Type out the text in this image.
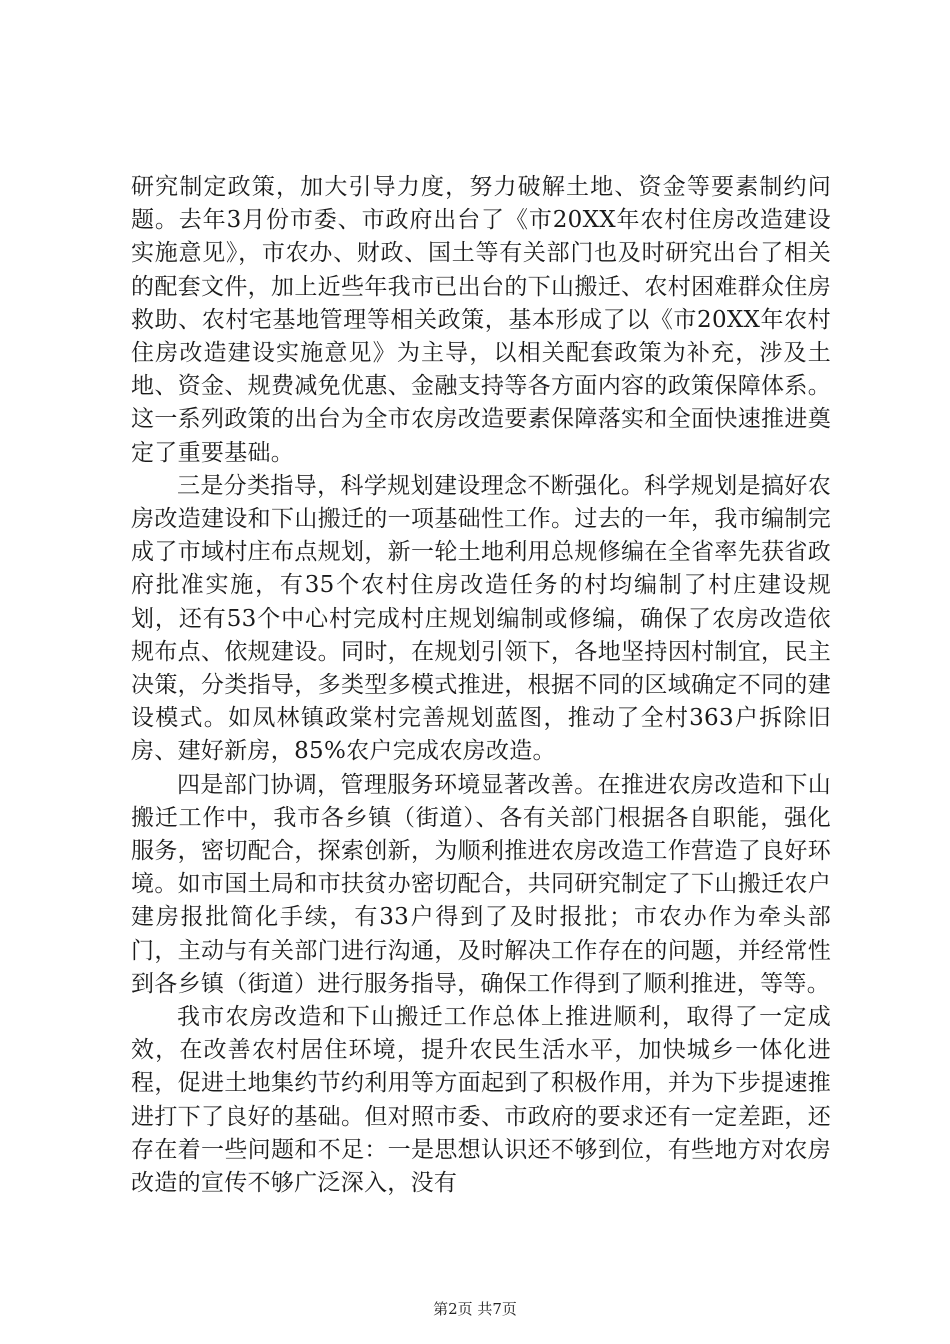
研究制定政策，加大引导力度，努力破解土地、资金等要素制约问题。去年3月份市委、市政府出台了《市20XX年农村住房改造建设实施意见》，市农办、财政、国土等有关部门也及时研究出台了相关的配套文件，加上近些年我市已出台的下山搬迁、农村困难群众住房救助、农村宅基地管理等相关政策，基本形成了以《市20XX年农村住房改造建设实施意见》为主导，以相关配套政策为补充，涉及土地、资金、规费减免优惠、金融支持等各方面内容的政策保障体系。这一系列政策的出台为全市农房改造要素保障落实和全面快速推进奠定了重要基础。

三是分类指导，科学规划建设理念不断强化。科学规划是搞好农房改造建设和下山搬迁的一项基础性工作。过去的一年，我市编制完成了市域村庄布点规划，新一轮土地利用总规修编在全省率先获省政府批准实施，有35个农村住房改造任务的村均编制了村庄建设规划，还有53个中心村完成村庄规划编制或修编，确保了农房改造依规布点、依规建设。同时，在规划引领下，各地坚持因村制宜，民主决策，分类指导，多类型多模式推进，根据不同的区域确定不同的建设模式。如凤林镇政棠村完善规划蓝图，推动了全村363户拆除旧房、建好新房，85%农户完成农房改造。

四是部门协调，管理服务环境显著改善。在推进农房改造和下山搬迁工作中，我市各乡镇（街道）、各有关部门根据各自职能，强化服务，密切配合，探索创新，为顺利推进农房改造工作营造了良好环境。如市国土局和市扶贫办密切配合，共同研究制定了下山搬迁农户建房报批简化手续，有33户得到了及时报批；市农办作为牵头部门，主动与有关部门进行沟通，及时解决工作存在的问题，并经常性到各乡镇（街道）进行服务指导，确保工作得到了顺利推进，等等。

我市农房改造和下山搬迁工作总体上推进顺利，取得了一定成效，在改善农村居住环境，提升农民生活水平，加快城乡一体化进程，促进土地集约节约利用等方面起到了积极作用，并为下步提速推进打下了良好的基础。但对照市委、市政府的要求还有一定差距，还存在着一些问题和不足：一是思想认识还不够到位，有些地方对农房改造的宣传不够广泛深入，没有

第2页 共7页
